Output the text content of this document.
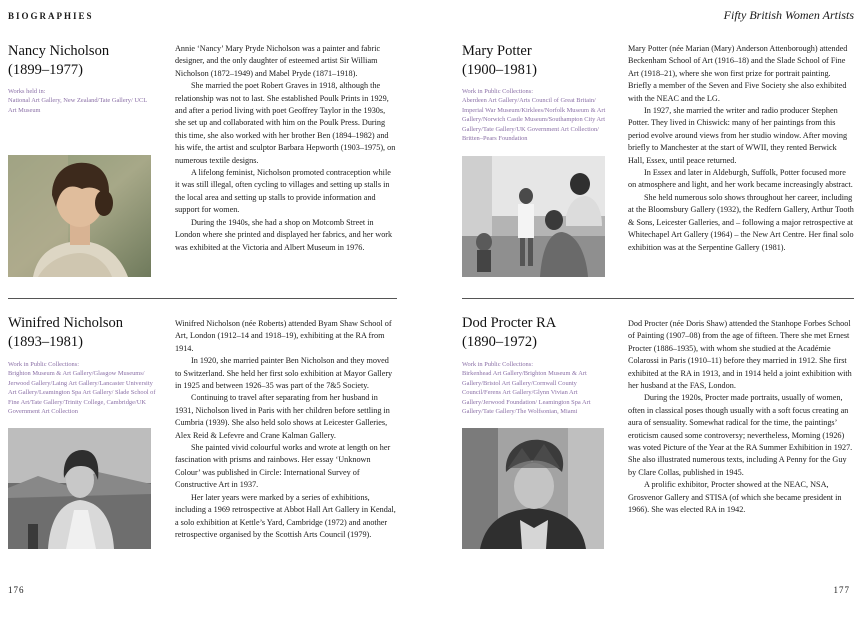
BIOGRAPHIES	Fifty British Women Artists
Nancy Nicholson
(1899–1977)
Works held in:
National Art Gallery, New Zealand/Tate Gallery/ UCL Art Museum

Annie ‘Nancy’ Mary Pryde Nicholson was a painter and fabric designer, and the only daughter of esteemed artist Sir William Nicholson (1872–1949) and Mabel Pryde (1871–1918).

She married the poet Robert Graves in 1918, although the relationship was not to last. She established Poulk Prints in 1929, and after a period living with poet Geoffrey Taylor in the 1930s, she set up and collaborated with him on the Poulk Press. During this time, she also worked with her brother Ben (1894–1982) and his wife, the artist and sculptor Barbara Hepworth (1903–1975), on numerous textile designs.

A lifelong feminist, Nicholson promoted contraception while it was still illegal, often cycling to villages and setting up stalls in the local area and setting up stalls to provide information and support for women.

During the 1940s, she had a shop on Motcomb Street in London where she printed and displayed her fabrics, and her work was exhibited at the Victoria and Albert Museum in 1976.

Winifred Nicholson
(1893–1981)
Work in Public Collections:
Brighton Museum & Art Gallery/Glasgow Museums/ Jerwood Gallery/Laing Art Gallery/Lancaster University Art Gallery/Leamington Spa Art Gallery/ Slade School of Fine Art/Tate Gallery/Trinity College, Cambridge/UK Government Art Collection

Winifred Nicholson (née Roberts) attended Byam Shaw School of Art, London (1912–14 and 1918–19), exhibiting at the RA from 1914.

In 1920, she married painter Ben Nicholson and they moved to Switzerland. She held her first solo exhibition at Mayor Gallery in 1925 and between 1926–35 was part of the 7&5 Society.

Continuing to travel after separating from her husband in 1931, Nicholson lived in Paris with her children before settling in Cumbria (1939). She also held solo shows at Leicester Galleries, Alex Reid & Lefevre and Crane Kalman Gallery.

She painted vivid colourful works and wrote at length on her fascination with prisms and rainbows. Her essay ‘Unknown Colour’ was published in Circle: International Survey of Constructive Art in 1937.

Her later years were marked by a series of exhibitions, including a 1969 retrospective at Abbot Hall Art Gallery in Kendal, a solo exhibition at Kettle’s Yard, Cambridge (1972) and another retrospective organised by the Scottish Arts Council (1979).

Mary Potter
(1900–1981)
Work in Public Collections:
Aberdeen Art Gallery/Arts Council of Great Britain/ Imperial War Museum/Kirklees/Norfolk Museum & Art Gallery/Norwich Castle Museum/Southampton City Art Gallery/Tate Gallery/UK Government Art Collection/ Britten–Pears Foundation

Mary Potter (née Marian (Mary) Anderson Attenborough) attended Beckenham School of Art (1916–18) and the Slade School of Fine Art (1918–21), where she won first prize for portrait painting. Briefly a member of the Seven and Five Society she also exhibited with the NEAC and the LG.

In 1927, she married the writer and radio producer Stephen Potter. They lived in Chiswick: many of her paintings from this period evolve around views from her studio window. After moving briefly to Manchester at the start of WWII, they rented Berwick Hall, Essex, until peace returned.

In Essex and later in Aldeburgh, Suffolk, Potter focused more on atmosphere and light, and her work became increasingly abstract.

She held numerous solo shows throughout her career, including at the Bloomsbury Gallery (1932), the Redfern Gallery, Arthur Tooth & Sons, Leicester Galleries, and – following a major retrospective at Whitechapel Art Gallery (1964) – the New Art Centre. Her final solo exhibition was at the Serpentine Gallery (1981).

Dod Procter RA
(1890–1972)
Work in Public Collections:
Birkenhead Art Gallery/Brighton Museum & Art Gallery/Bristol Art Gallery/Cornwall County Council/Ferens Art Gallery/Glynn Vivian Art Gallery/Jerwood Foundation/ Leamington Spa Art Gallery/Tate Gallery/The Wolfsonian, Miami

Dod Procter (née Doris Shaw) attended the Stanhope Forbes School of Painting (1907–08) from the age of fifteen. There she met Ernest Procter (1886–1935), with whom she studied at the Académie Colarossi in Paris (1910–11) before they married in 1912. She first exhibited at the RA in 1913, and in 1914 held a joint exhibition with her husband at the FAS, London.

During the 1920s, Procter made portraits, usually of women, often in classical poses though usually with a soft focus creating an aura of sensuality. Somewhat radical for the time, the paintings’ eroticism caused some controversy; nevertheless, Morning (1926) was voted Picture of the Year at the RA Summer Exhibition in 1927. She also illustrated numerous texts, including A Penny for the Guy by Clare Collas, published in 1945.

A prolific exhibitor, Procter showed at the NEAC, NSA, Grosvenor Gallery and STISA (of which she became president in 1966). She was elected RA in 1942.

176	177
